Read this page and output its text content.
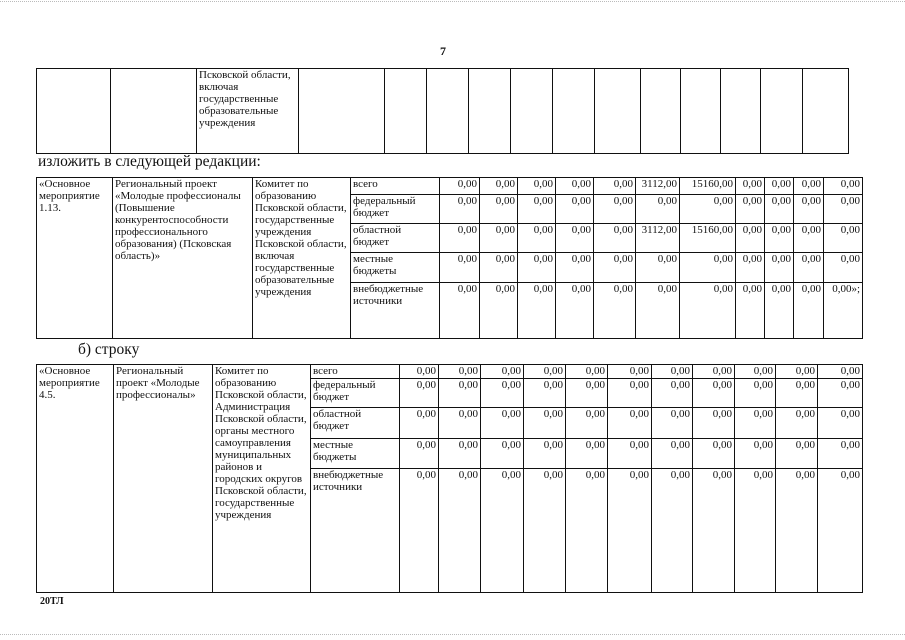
7
		Псковской области, включая государственные образовательные учреждения												
изложить в следующей редакции:
«Основное мероприятие 1.13.	Региональный проект «Молодые профессионалы (Повышение конкурентоспособности профессионального образования) (Псковская область)»	Комитет по образованию Псковской области, государственные учреждения Псковской области, включая государственные образовательные учреждения	всего	0,00	0,00	0,00	0,00	0,00	3112,00	15160,00	0,00	0,00	0,00	0,00
			федеральный бюджет	0,00	0,00	0,00	0,00	0,00	0,00	0,00	0,00	0,00	0,00	0,00
			областной бюджет	0,00	0,00	0,00	0,00	0,00	3112,00	15160,00	0,00	0,00	0,00	0,00
			местные бюджеты	0,00	0,00	0,00	0,00	0,00	0,00	0,00	0,00	0,00	0,00	0,00
			внебюджетные источники	0,00	0,00	0,00	0,00	0,00	0,00	0,00	0,00	0,00	0,00	0,00»;
б) строку
«Основное мероприятие 4.5.	Региональный проект «Молодые профессионалы»	Комитет по образованию Псковской области, Администрация Псковской области, органы местного самоуправления муниципальных районов и городских округов Псковской области, государственные учреждения	всего	0,00	0,00	0,00	0,00	0,00	0,00	0,00	0,00	0,00	0,00	0,00
			федеральный бюджет	0,00	0,00	0,00	0,00	0,00	0,00	0,00	0,00	0,00	0,00	0,00
			областной бюджет	0,00	0,00	0,00	0,00	0,00	0,00	0,00	0,00	0,00	0,00	0,00
			местные бюджеты	0,00	0,00	0,00	0,00	0,00	0,00	0,00	0,00	0,00	0,00	0,00
			внебюджетные источники	0,00	0,00	0,00	0,00	0,00	0,00	0,00	0,00	0,00	0,00	0,00
20ТЛ
